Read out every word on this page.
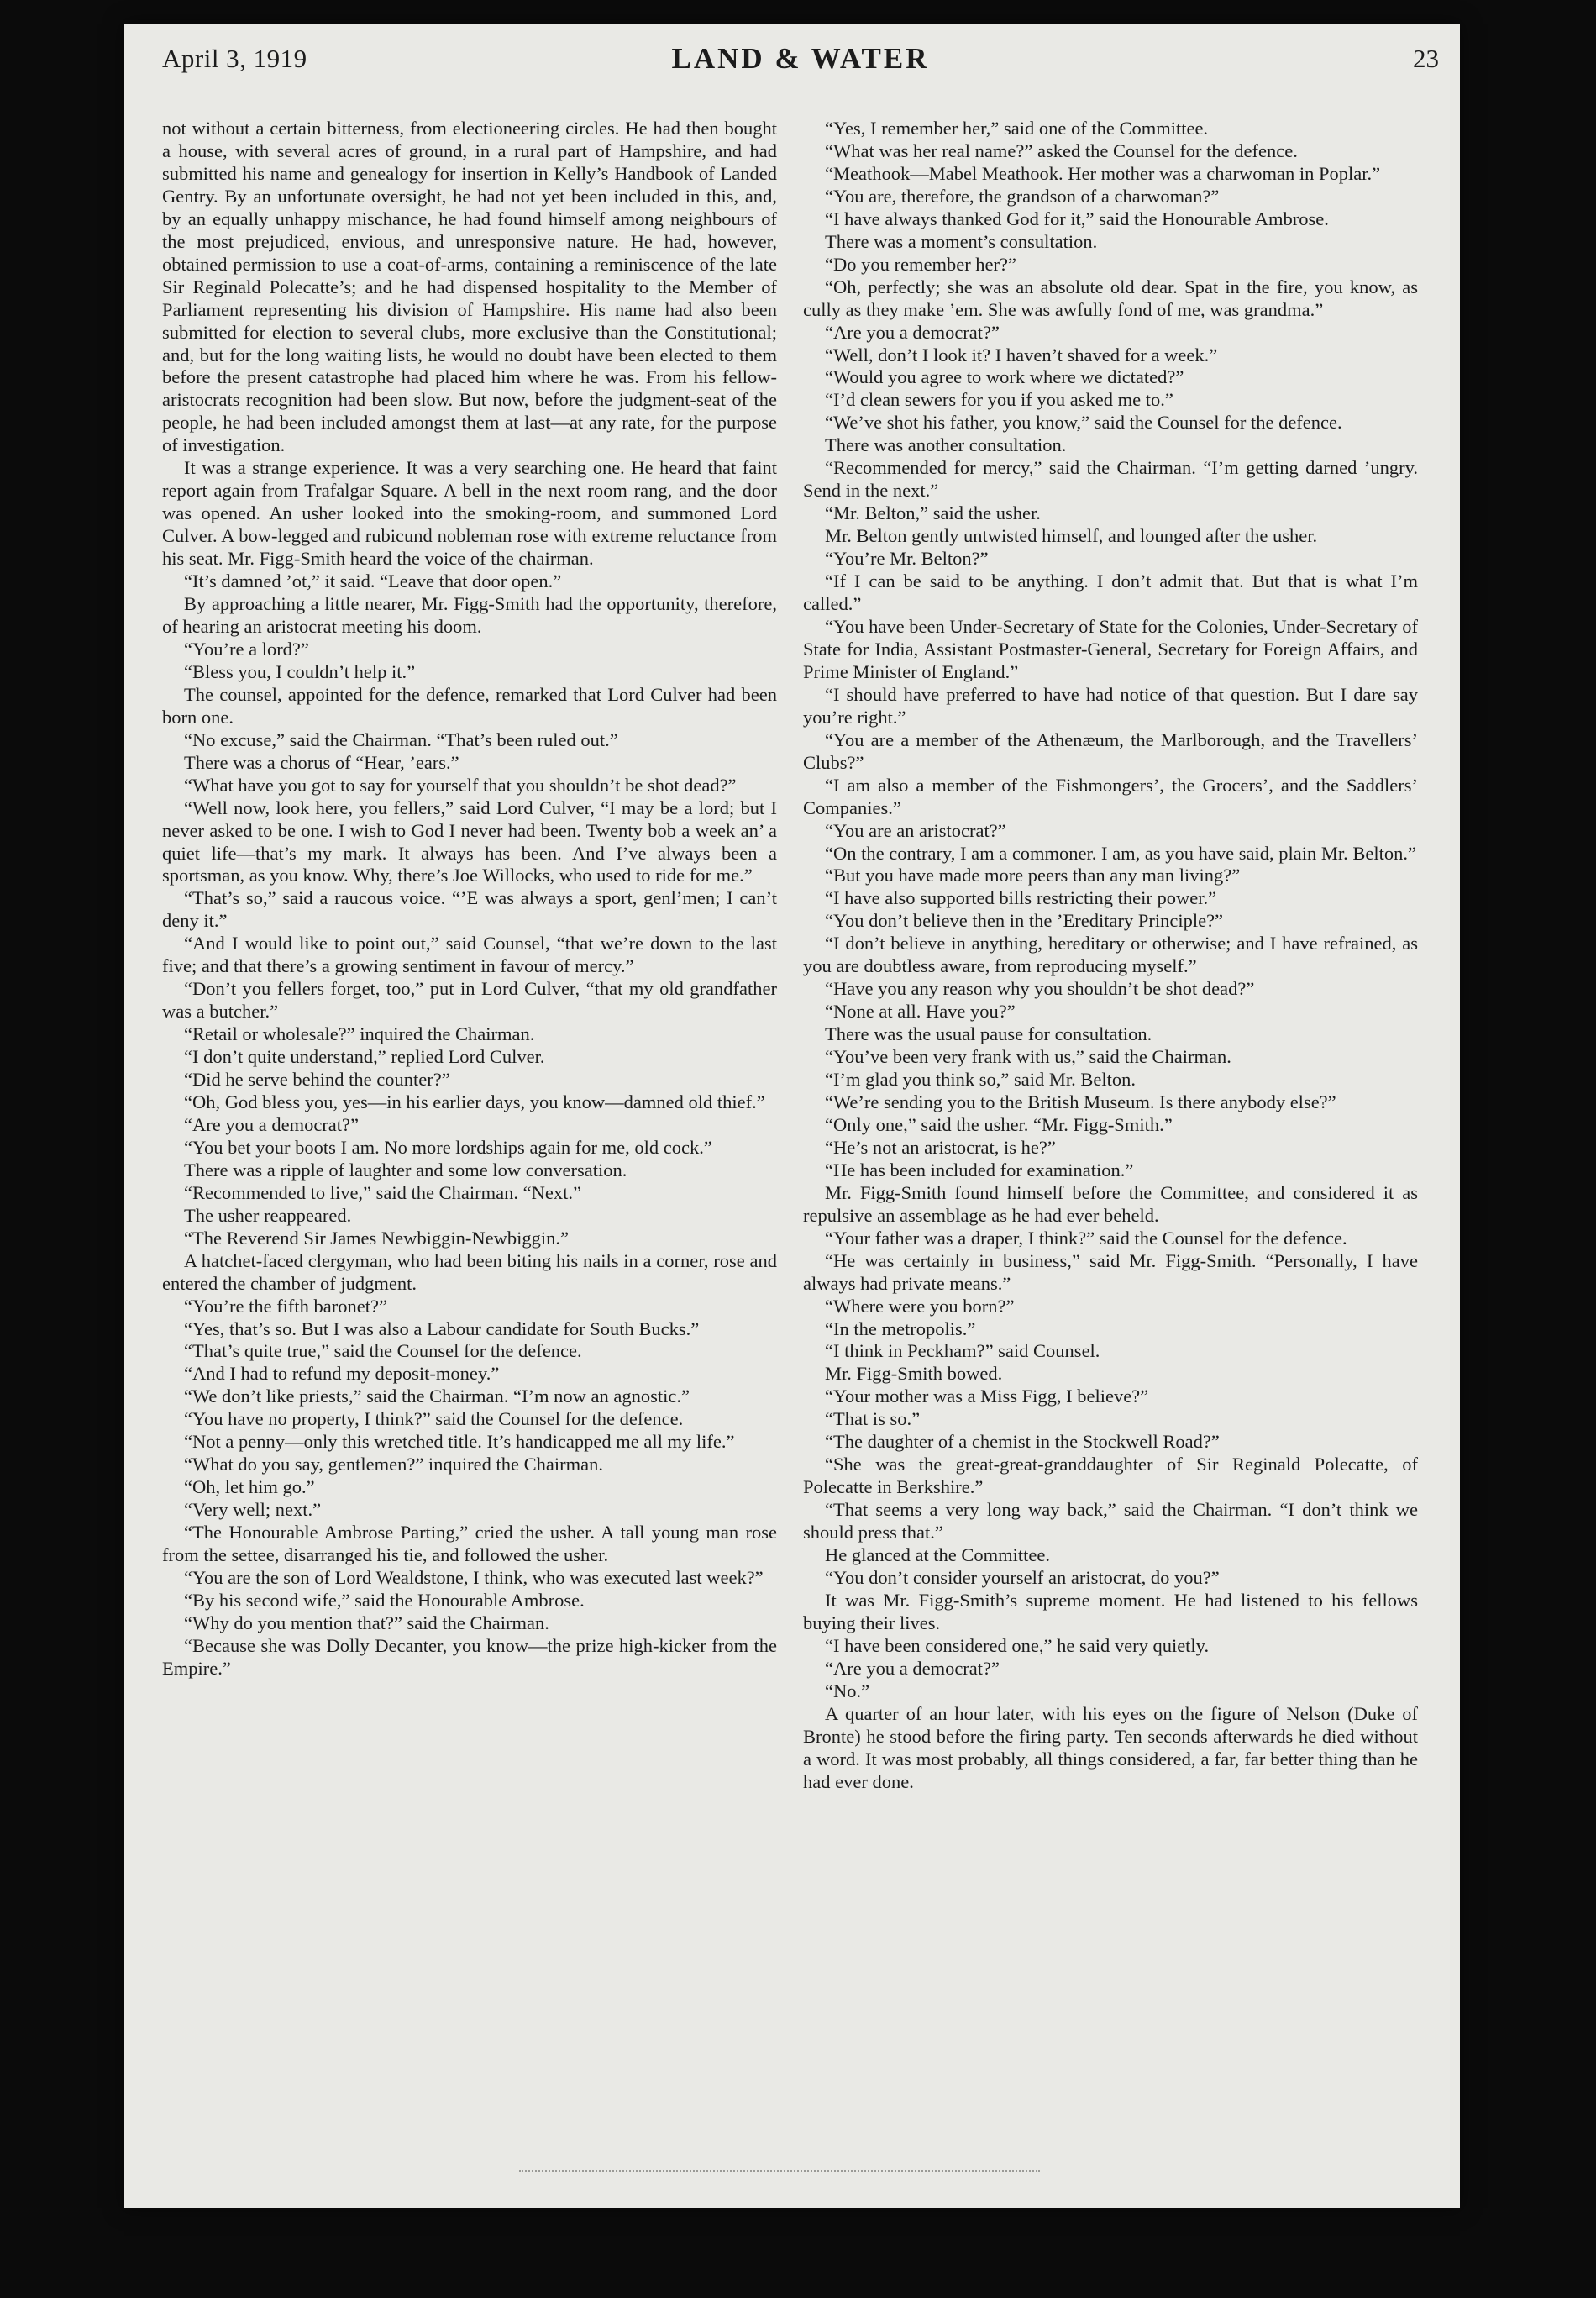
April 3, 1919	LAND & WATER	23

not without a certain bitterness, from electioneering circles. He had then bought a house, with several acres of ground, in a rural part of Hampshire, and had submitted his name and genealogy for insertion in Kelly’s Handbook of Landed Gentry. By an unfortunate oversight, he had not yet been included in this, and, by an equally unhappy mischance, he had found himself among neighbours of the most prejudiced, envious, and unresponsive nature. He had, however, obtained permission to use a coat-of-arms, containing a reminiscence of the late Sir Reginald Polecatte’s; and he had dispensed hospitality to the Member of Parliament representing his division of Hampshire. His name had also been submitted for election to several clubs, more exclusive than the Constitutional; and, but for the long waiting lists, he would no doubt have been elected to them before the present catastrophe had placed him where he was. From his fellow-aristocrats recognition had been slow. But now, before the judgment-seat of the people, he had been included amongst them at last—at any rate, for the purpose of investigation.

It was a strange experience. It was a very searching one. He heard that faint report again from Trafalgar Square. A bell in the next room rang, and the door was opened. An usher looked into the smoking-room, and summoned Lord Culver. A bow-legged and rubicund nobleman rose with extreme reluctance from his seat. Mr. Figg-Smith heard the voice of the chairman.

“It’s damned ’ot,” it said. “Leave that door open.”

By approaching a little nearer, Mr. Figg-Smith had the opportunity, therefore, of hearing an aristocrat meeting his doom.

“You’re a lord?”

“Bless you, I couldn’t help it.”

The counsel, appointed for the defence, remarked that Lord Culver had been born one.

“No excuse,” said the Chairman. “That’s been ruled out.”

There was a chorus of “Hear, ’ears.”

“What have you got to say for yourself that you shouldn’t be shot dead?”

“Well now, look here, you fellers,” said Lord Culver, “I may be a lord; but I never asked to be one. I wish to God I never had been. Twenty bob a week an’ a quiet life—that’s my mark. It always has been. And I’ve always been a sportsman, as you know. Why, there’s Joe Willocks, who used to ride for me.”

“That’s so,” said a raucous voice. “’E was always a sport, genl’men; I can’t deny it.”

“And I would like to point out,” said Counsel, “that we’re down to the last five; and that there’s a growing sentiment in favour of mercy.”

“Don’t you fellers forget, too,” put in Lord Culver, “that my old grandfather was a butcher.”

“Retail or wholesale?” inquired the Chairman.

“I don’t quite understand,” replied Lord Culver.

“Did he serve behind the counter?”

“Oh, God bless you, yes—in his earlier days, you know—damned old thief.”

“Are you a democrat?”

“You bet your boots I am. No more lordships again for me, old cock.”

There was a ripple of laughter and some low conversation.

“Recommended to live,” said the Chairman. “Next.”

The usher reappeared.

“The Reverend Sir James Newbiggin-Newbiggin.”

A hatchet-faced clergyman, who had been biting his nails in a corner, rose and entered the chamber of judgment.

“You’re the fifth baronet?”

“Yes, that’s so. But I was also a Labour candidate for South Bucks.”

“That’s quite true,” said the Counsel for the defence.

“And I had to refund my deposit-money.”

“We don’t like priests,” said the Chairman. “I’m now an agnostic.”

“You have no property, I think?” said the Counsel for the defence.

“Not a penny—only this wretched title. It’s handicapped me all my life.”

“What do you say, gentlemen?” inquired the Chairman.

“Oh, let him go.”

“Very well; next.”

“The Honourable Ambrose Parting,” cried the usher. A tall young man rose from the settee, disarranged his tie, and followed the usher.

“You are the son of Lord Wealdstone, I think, who was executed last week?”

“By his second wife,” said the Honourable Ambrose.

“Why do you mention that?” said the Chairman.

“Because she was Dolly Decanter, you know—the prize high-kicker from the Empire.”

“Yes, I remember her,” said one of the Committee.

“What was her real name?” asked the Counsel for the defence.

“Meathook—Mabel Meathook. Her mother was a charwoman in Poplar.”

“You are, therefore, the grandson of a charwoman?”

“I have always thanked God for it,” said the Honourable Ambrose.

There was a moment’s consultation.

“Do you remember her?”

“Oh, perfectly; she was an absolute old dear. Spat in the fire, you know, as cully as they make ’em. She was awfully fond of me, was grandma.”

“Are you a democrat?”

“Well, don’t I look it? I haven’t shaved for a week.”

“Would you agree to work where we dictated?”

“I’d clean sewers for you if you asked me to.”

“We’ve shot his father, you know,” said the Counsel for the defence.

There was another consultation.

“Recommended for mercy,” said the Chairman. “I’m getting darned ’ungry. Send in the next.”

“Mr. Belton,” said the usher.

Mr. Belton gently untwisted himself, and lounged after the usher.

“You’re Mr. Belton?”

“If I can be said to be anything. I don’t admit that. But that is what I’m called.”

“You have been Under-Secretary of State for the Colonies, Under-Secretary of State for India, Assistant Postmaster-General, Secretary for Foreign Affairs, and Prime Minister of England.”

“I should have preferred to have had notice of that question. But I dare say you’re right.”

“You are a member of the Athenæum, the Marlborough, and the Travellers’ Clubs?”

“I am also a member of the Fishmongers’, the Grocers’, and the Saddlers’ Companies.”

“You are an aristocrat?”

“On the contrary, I am a commoner. I am, as you have said, plain Mr. Belton.”

“But you have made more peers than any man living?”

“I have also supported bills restricting their power.”

“You don’t believe then in the ’Ereditary Principle?”

“I don’t believe in anything, hereditary or otherwise; and I have refrained, as you are doubtless aware, from reproducing myself.”

“Have you any reason why you shouldn’t be shot dead?”

“None at all. Have you?”

There was the usual pause for consultation.

“You’ve been very frank with us,” said the Chairman.

“I’m glad you think so,” said Mr. Belton.

“We’re sending you to the British Museum. Is there anybody else?”

“Only one,” said the usher. “Mr. Figg-Smith.”

“He’s not an aristocrat, is he?”

“He has been included for examination.”

Mr. Figg-Smith found himself before the Committee, and considered it as repulsive an assemblage as he had ever beheld.

“Your father was a draper, I think?” said the Counsel for the defence.

“He was certainly in business,” said Mr. Figg-Smith. “Personally, I have always had private means.”

“Where were you born?”

“In the metropolis.”

“I think in Peckham?” said Counsel.

Mr. Figg-Smith bowed.

“Your mother was a Miss Figg, I believe?”

“That is so.”

“The daughter of a chemist in the Stockwell Road?”

“She was the great-great-granddaughter of Sir Reginald Polecatte, of Polecatte in Berkshire.”

“That seems a very long way back,” said the Chairman. “I don’t think we should press that.”

He glanced at the Committee.

“You don’t consider yourself an aristocrat, do you?”

It was Mr. Figg-Smith’s supreme moment. He had listened to his fellows buying their lives.

“I have been considered one,” he said very quietly.

“Are you a democrat?”

“No.”

A quarter of an hour later, with his eyes on the figure of Nelson (Duke of Bronte) he stood before the firing party. Ten seconds afterwards he died without a word. It was most probably, all things considered, a far, far better thing than he had ever done.
